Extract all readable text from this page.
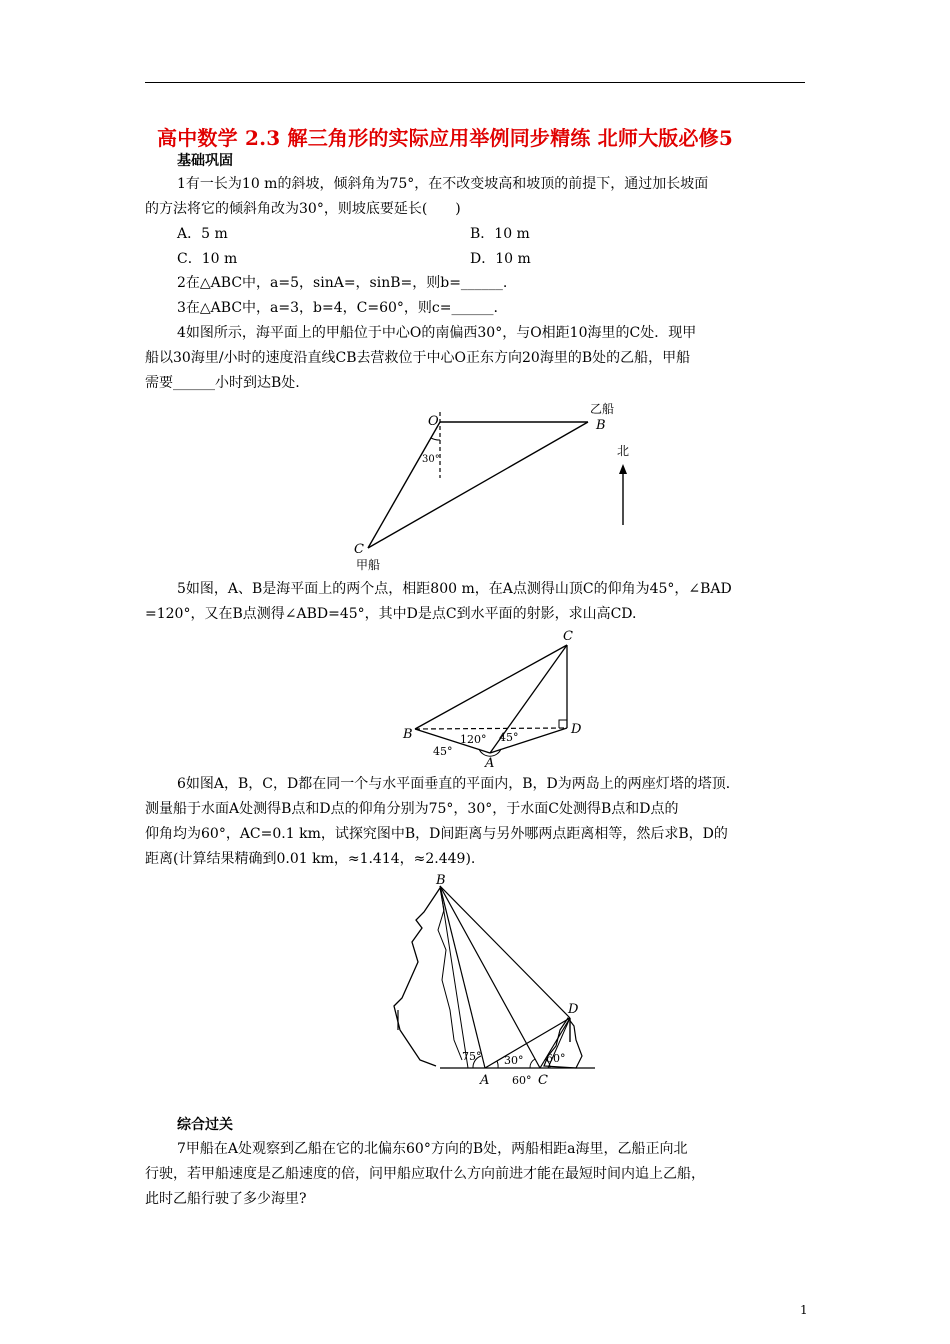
高中数学 2.3 解三角形的实际应用举例同步精练 北师大版必修5
基础巩固
1有一长为10 m的斜坡，倾斜角为75°，在不改变坡高和坡顶的前提下，通过加长坡面
的方法将它的倾斜角改为30°，则坡底要延长(　　)
A．5 m	B．10 m
C．10 m	D．10 m
2在△ABC中，a=5，sinA=，sinB=，则b=______.
3在△ABC中，a=3，b=4，C=60°，则c=______.
4如图所示，海平面上的甲船位于中心O的南偏西30°，与O相距10海里的C处．现甲
船以30海里/小时的速度沿直线CB去营救位于中心O正东方向20海里的B处的乙船，甲船
需要______小时到达B处.
O	B
乙船
C
甲船
北
30°
5如图，A、B是海平面上的两个点，相距800 m，在A点测得山顶C的仰角为45°，∠BAD
=120°，又在B点测得∠ABD=45°，其中D是点C到水平面的射影，求山高CD.
A
B
C
D
120° 45°
45°
6如图A，B，C，D都在同一个与水平面垂直的平面内，B，D为两岛上的两座灯塔的塔顶．
测量船于水面A处测得B点和D点的仰角分别为75°，30°，于水面C处测得B点和D点的
仰角均为60°，AC=0.1 km，试探究图中B，D间距离与另外哪两点距离相等，然后求B，D的
距离(计算结果精确到0.01 km，≈1.414，≈2.449).
B
D
A	C
75° 30°
60°
60°
综合过关
7甲船在A处观察到乙船在它的北偏东60°方向的B处，两船相距a海里，乙船正向北
行驶，若甲船速度是乙船速度的倍，问甲船应取什么方向前进才能在最短时间内追上乙船，
此时乙船行驶了多少海里?
1
